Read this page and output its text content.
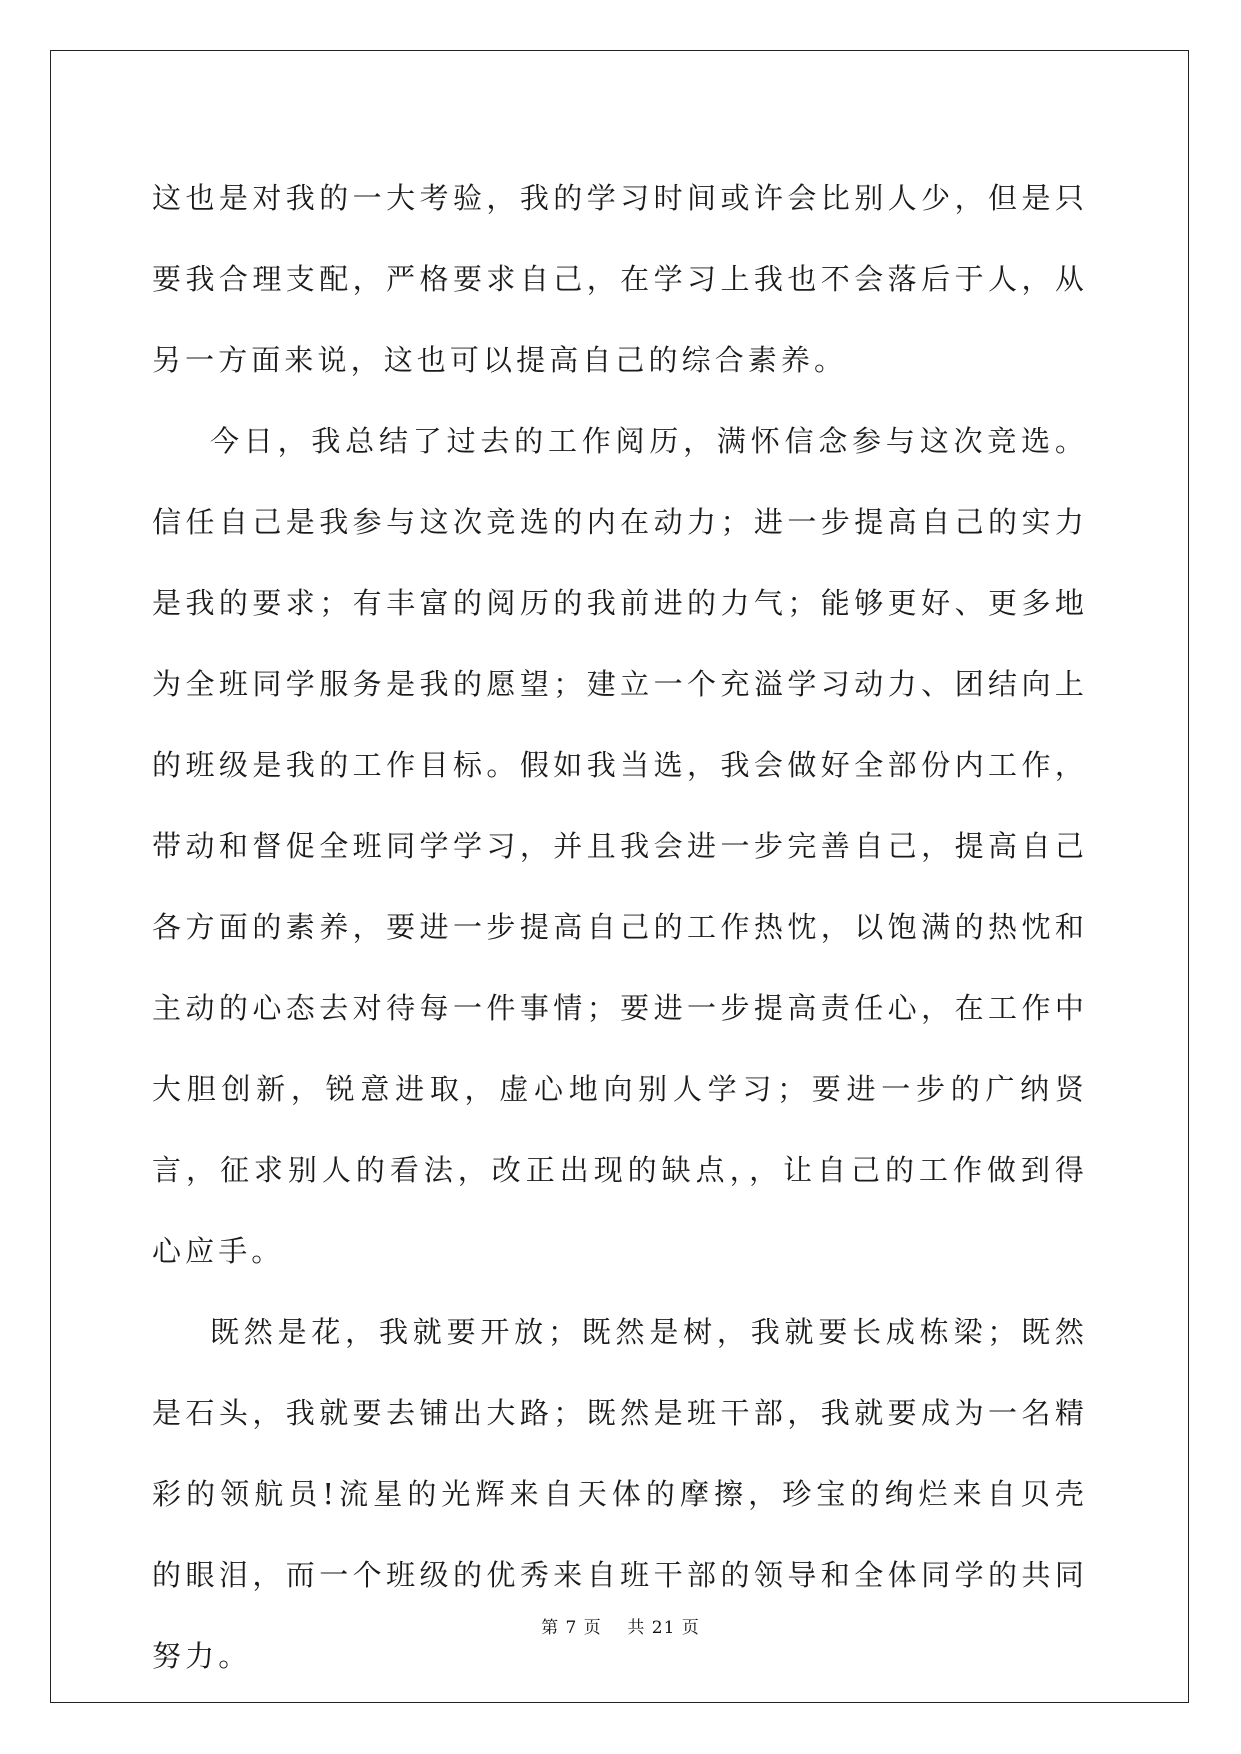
这也是对我的一大考验，我的学习时间或许会比别人少，但是只要我合理支配，严格要求自己，在学习上我也不会落后于人，从另一方面来说，这也可以提高自己的综合素养。

今日，我总结了过去的工作阅历，满怀信念参与这次竞选。信任自己是我参与这次竞选的内在动力；进一步提高自己的实力是我的要求；有丰富的阅历的我前进的力气；能够更好、更多地为全班同学服务是我的愿望；建立一个充溢学习动力、团结向上的班级是我的工作目标。假如我当选，我会做好全部份内工作，带动和督促全班同学学习，并且我会进一步完善自己，提高自己各方面的素养，要进一步提高自己的工作热忱，以饱满的热忱和主动的心态去对待每一件事情；要进一步提高责任心，在工作中大胆创新，锐意进取，虚心地向别人学习；要进一步的广纳贤言，征求别人的看法，改正出现的缺点，，让自己的工作做到得心应手。

既然是花，我就要开放；既然是树，我就要长成栋梁；既然是石头，我就要去铺出大路；既然是班干部，我就要成为一名精彩的领航员!流星的光辉来自天体的摩擦，珍宝的绚烂来自贝壳的眼泪，而一个班级的优秀来自班干部的领导和全体同学的共同努力。

第 7 页    共 21 页
